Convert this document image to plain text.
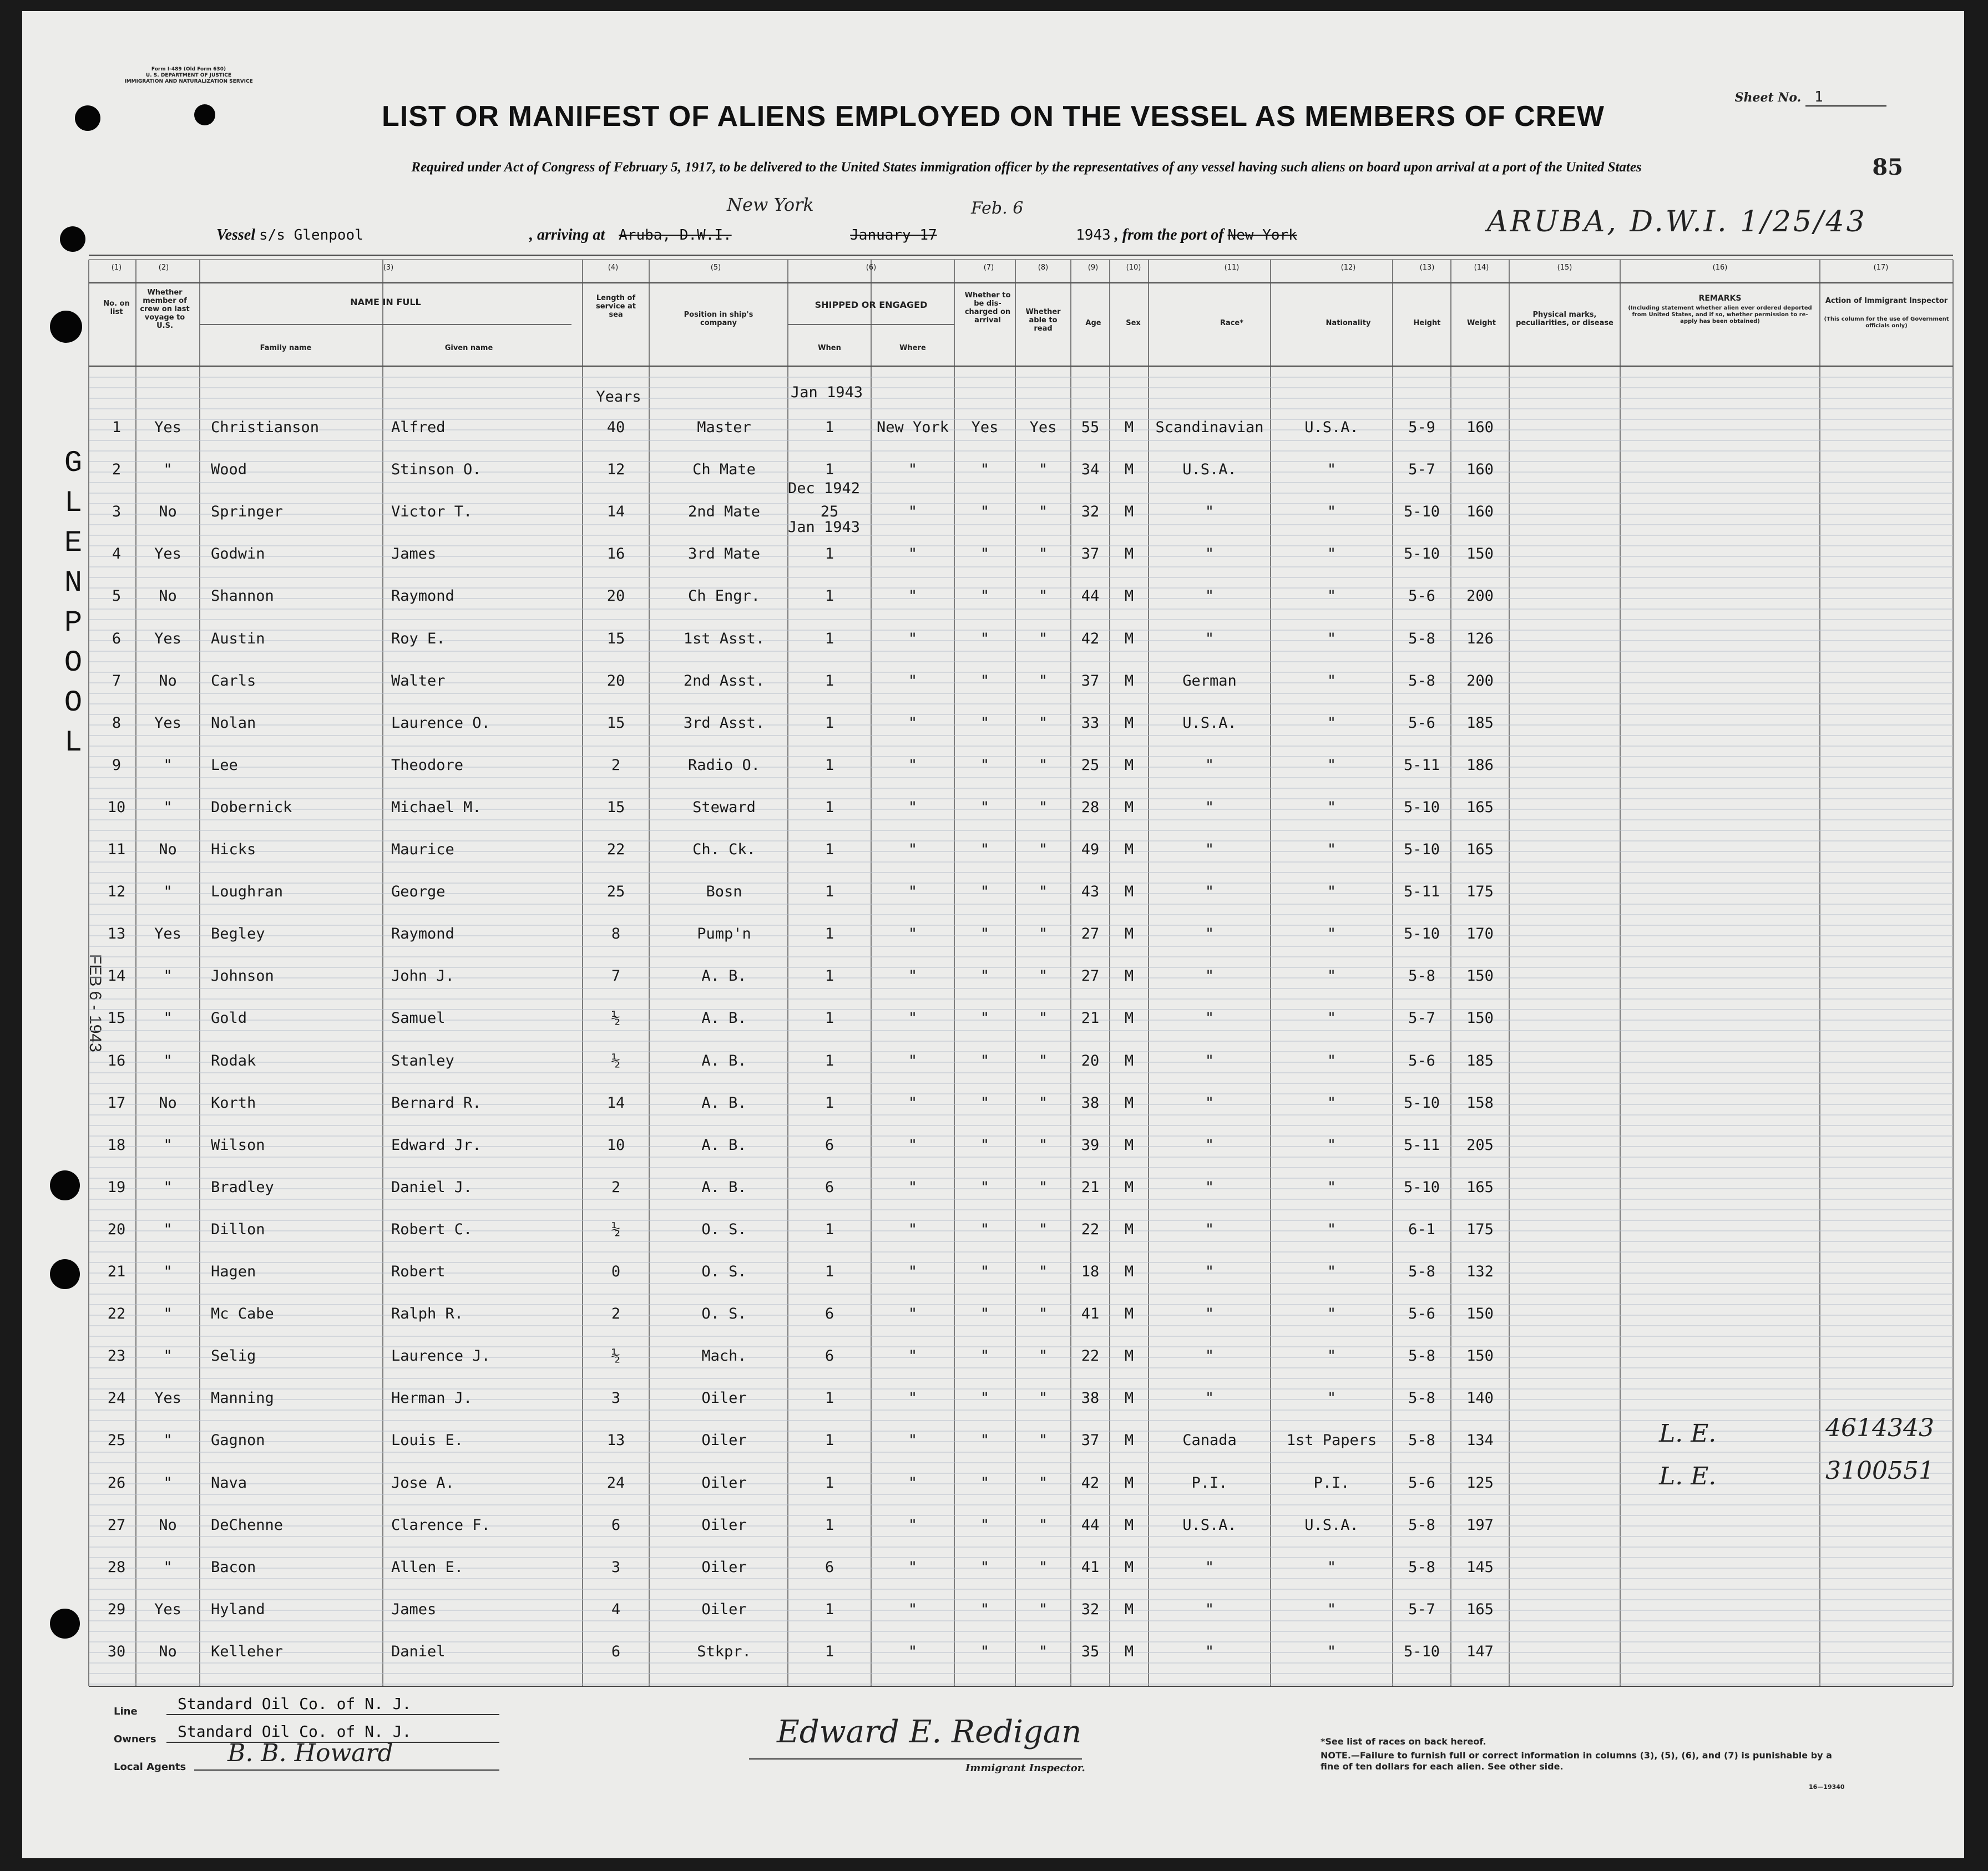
Form I-489 (Old Form 630)
U. S. DEPARTMENT OF JUSTICE
IMMIGRATION AND NATURALIZATION SERVICE
Sheet No. 1
85
LIST OR MANIFEST OF ALIENS EMPLOYED ON THE VESSEL AS MEMBERS OF CREW
Required under Act of Congress of February 5, 1917, to be delivered to the United States immigration officer by the representatives of any vessel having such aliens on board upon arrival at a port of the United States
New York	Feb. 6
Vessel s/s Glenpool	, arriving at Aruba, D.W.I.	January 17	1943 , from the port of New York	ARUBA, D.W.I. 1/25/43
GLENPOOL
FEB 6 - 1943
(1)	(2)	(3)	(4)	(5)	(6)	(7)	(8)	(9)	(10)	(11)	(12)	(13)	(14)	(15)	(16)	(17)
No. on list
Whether member of crew on last voyage to U.S.
NAME IN FULL
Family name	Given name
Length of service at sea	Position in ship's company
SHIPPED OR ENGAGED
When	Where
Whether to be dis-charged on arrival
Whether able to read
Age	Sex	Race*	Nationality	Height	Weight
Physical marks, peculiarities, or disease
REMARKS
(Including statement whether alien ever ordered deported from United States, and if so, whether permission to re-apply has been obtained)
Action of Immigrant Inspector
(This column for the use of Government officials only)
Years	Jan 1943
Dec 1942
Jan 1943
1	Yes	Christianson	Alfred	40	Master	1	New York	Yes	Yes	55	M	Scandinavian	U.S.A.	5-9	160
2	"	Wood	Stinson O.	12	Ch Mate	1	"	"	"	34	M	U.S.A.	"	5-7	160
3	No	Springer	Victor T.	14	2nd Mate	25	"	"	"	32	M	"	"	5-10	160
4	Yes	Godwin	James	16	3rd Mate	1	"	"	"	37	M	"	"	5-10	150
5	No	Shannon	Raymond	20	Ch Engr.	1	"	"	"	44	M	"	"	5-6	200
6	Yes	Austin	Roy E.	15	1st Asst.	1	"	"	"	42	M	"	"	5-8	126
7	No	Carls	Walter	20	2nd Asst.	1	"	"	"	37	M	German	"	5-8	200
8	Yes	Nolan	Laurence O.	15	3rd Asst.	1	"	"	"	33	M	U.S.A.	"	5-6	185
9	"	Lee	Theodore	2	Radio O.	1	"	"	"	25	M	"	"	5-11	186
10	"	Dobernick	Michael M.	15	Steward	1	"	"	"	28	M	"	"	5-10	165
11	No	Hicks	Maurice	22	Ch. Ck.	1	"	"	"	49	M	"	"	5-10	165
12	"	Loughran	George	25	Bosn	1	"	"	"	43	M	"	"	5-11	175
13	Yes	Begley	Raymond	8	Pump'n	1	"	"	"	27	M	"	"	5-10	170
14	"	Johnson	John J.	7	A. B.	1	"	"	"	27	M	"	"	5-8	150
15	"	Gold	Samuel	½	A. B.	1	"	"	"	21	M	"	"	5-7	150
16	"	Rodak	Stanley	½	A. B.	1	"	"	"	20	M	"	"	5-6	185
17	No	Korth	Bernard R.	14	A. B.	1	"	"	"	38	M	"	"	5-10	158
18	"	Wilson	Edward Jr.	10	A. B.	6	"	"	"	39	M	"	"	5-11	205
19	"	Bradley	Daniel J.	2	A. B.	6	"	"	"	21	M	"	"	5-10	165
20	"	Dillon	Robert C.	½	O. S.	1	"	"	"	22	M	"	"	6-1	175
21	"	Hagen	Robert	0	O. S.	1	"	"	"	18	M	"	"	5-8	132
22	"	Mc Cabe	Ralph R.	2	O. S.	6	"	"	"	41	M	"	"	5-6	150
23	"	Selig	Laurence J.	½	Mach.	6	"	"	"	22	M	"	"	5-8	150
24	Yes	Manning	Herman J.	3	Oiler	1	"	"	"	38	M	"	"	5-8	140
25	"	Gagnon	Louis E.	13	Oiler	1	"	"	"	37	M	Canada	1st Papers	5-8	134
26	"	Nava	Jose A.	24	Oiler	1	"	"	"	42	M	P.I.	P.I.	5-6	125
27	No	DeChenne	Clarence F.	6	Oiler	1	"	"	"	44	M	U.S.A.	U.S.A.	5-8	197
28	"	Bacon	Allen E.	3	Oiler	6	"	"	"	41	M	"	"	5-8	145
29	Yes	Hyland	James	4	Oiler	1	"	"	"	32	M	"	"	5-7	165
30	No	Kelleher	Daniel	6	Stkpr.	1	"	"	"	35	M	"	"	5-10	147
L. E.	4614343
L. E.	3100551
Line	Standard Oil Co. of N. J.
Owners Standard Oil Co. of N. J.
Local Agents B. B. Howard
Edward E. Redigan
Immigrant Inspector.
*See list of races on back hereof.
NOTE.—Failure to furnish full or correct information in columns (3), (5), (6), and (7) is punishable by a fine of ten dollars for each alien. See other side.
16—19340
